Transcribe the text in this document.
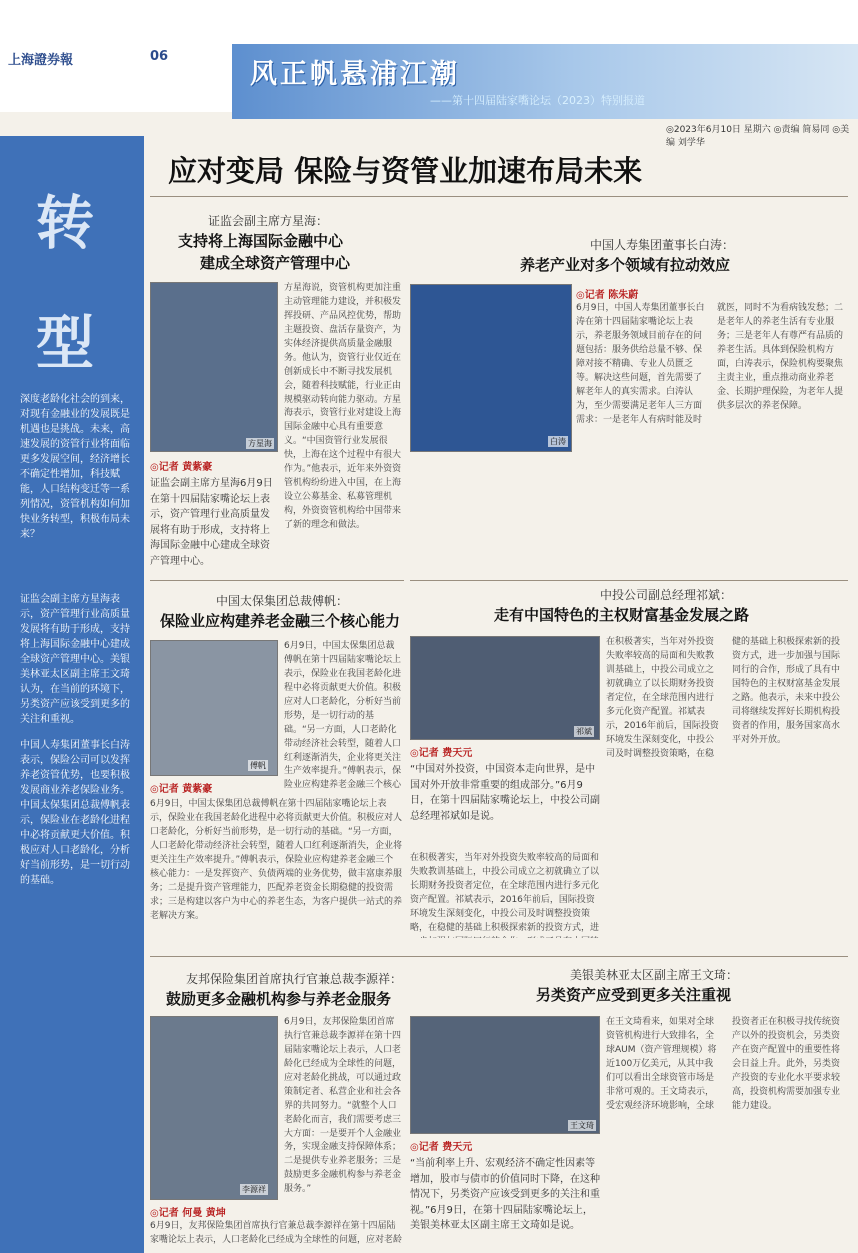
上海證券報	06
风正帆悬浦江潮
——第十四届陆家嘴论坛（2023）特别报道
◎2023年6月10日 星期六 ◎责编 简易同 ◎美编 刘学华
转
型
深度老龄化社会的到来，对现有金融业的发展既是机遇也是挑战。未来，高速发展的资管行业将面临更多发展空间，经济增长不确定性增加，科技赋能，人口结构变迁等一系列情况，资管机构如何加快业务转型，积极布局未来？
证监会副主席方星海表示，资产管理行业高质量发展将有助于形成，支持将上海国际金融中心建成全球资产管理中心。美银美林亚太区副主席王文琦认为，在当前的环境下，另类资产应该受到更多的关注和重视。
中国人寿集团董事长白涛表示，保险公司可以发挥养老资管优势，也要积极发展商业养老保险业务。中国太保集团总裁傅帆表示，保险业在老龄化进程中必将贡献更大价值。积极应对人口老龄化，分析好当前形势，是一切行动的基础。
应对变局 保险与资管业加速布局未来
证监会副主席方星海：
支持将上海国际金融中心
建成全球资产管理中心
方星海
◎记者 黄紫豪
证监会副主席方星海6月9日在第十四届陆家嘴论坛上表示，资产管理行业高质量发展将有助于形成，支持将上海国际金融中心建成全球资产管理中心。
方星海说，资管机构更加注重主动管理能力建设，并积极发挥投研、产品风控优势，帮助主题投资、盘活存量资产，为实体经济提供高质量金融服务。他认为，资管行业仅近在创新成长中不断寻找发展机会，随着科技赋能，行业正由规模驱动转向能力驱动。方星海表示，资管行业对建设上海国际金融中心具有重要意义。“中国资管行业发展很快，上海在这个过程中有很大作为。”他表示，近年来外资资管机构纷纷进入中国，在上海设立公募基金、私募管理机构，外资资管机构给中国带来了新的理念和做法。
中国人寿集团董事长白涛：
养老产业对多个领域有拉动效应
白涛
◎记者 陈朱蔚
6月9日，中国人寿集团董事长白涛在第十四届陆家嘴论坛上表示，养老服务领域目前存在的问题包括：服务供给总量不够、保障对接不精确、专业人员匮乏等。解决这些问题，首先需要了解老年人的真实需求。白涛认为，至少需要满足老年人三方面需求：一是老年人有病时能及时就医，同时不为看病钱发愁；二是老年人的养老生活有专业服务；三是老年人有尊严有品质的养老生活。具体到保险机构方面，白涛表示，保险机构要聚焦主责主业，重点推动商业养老金、长期护理保险，为老年人提供多层次的养老保障。
中投公司副总经理祁斌：
走有中国特色的主权财富基金发展之路
祁斌
◎记者 费天元
“中国对外投资，中国资本走向世界，是中国对外开放非常重要的组成部分。”6月9日，在第十四届陆家嘴论坛上，中投公司副总经理祁斌如是说。
在积极著实，当年对外投资失败率较高的局面和失败教训基础上，中投公司成立之初就确立了以长期财务投资者定位，在全球范围内进行多元化资产配置。祁斌表示，2016年前后，国际投资环境发生深刻变化，中投公司及时调整投资策略，在稳健的基础上积极探索新的投资方式，进
在积极著实，当年对外投资失败率较高的局面和失败教训基础上，中投公司成立之初就确立了以长期财务投资者定位，在全球范围内进行多元化资产配置。祁斌表示，2016年前后，国际投资环境发生深刻变化，中投公司及时调整投资策略，在稳健的基础上积极探索新的投资方式，进一步加强与国际同行的合作，形成了具有中国特色的主权财富基金发展之路。他表示，未来中投公司将继续发挥好长期机构投资者的作用，服务国家高水平对外开放。
中国太保集团总裁傅帆：
保险业应构建养老金融三个核心能力
傅帆
◎记者 黄紫豪
6月9日，中国太保集团总裁傅帆在第十四届陆家嘴论坛上表示，保险业在我国老龄化进程中必将贡献更大价值。积极应对人口老龄化，分析好当前形势，是一切行动的基础。“另一方面，人口老龄化带动经济社会转型，随着人口红利逐渐消失，企业将更关注生产效率提升。”傅帆表示，保险业应构建养老金融三个核心能力：一是发挥资产、负债两端的业务优势，做丰富康养服务；二是提升资产管理能力，匹配养老资金长期稳健的投资需求；三是构建以客户为中心的养老生态，为客户提供一站式的养老解决方案。
6月9日，中国太保集团总裁傅帆在第十四届陆家嘴论坛上表示，保险业在我国老龄化进程中必将贡献更大价值。积极应对人口老龄化，分析好当前形势，是一切行动的基础。“另一方面，人口老龄化带动经济社会转型，随着人口红利逐渐消失，企业将更关注生产效率提升。”傅帆表示，保险业应构建养老金融三个核心
友邦保险集团首席执行官兼总裁李源祥：
鼓励更多金融机构参与养老金服务
李源祥
◎记者 何曼 黄坤
6月9日，友邦保险集团首席执行官兼总裁李源祥在第十四届陆家嘴论坛上表示，人口老龄化已经成为全球性的问题，应对老龄
6月9日，友邦保险集团首席执行官兼总裁李源祥在第十四届陆家嘴论坛上表示，人口老龄化已经成为全球性的问题，应对老龄化挑战，可以通过政策制定者、私营企业和社会各界的共同努力。“就整个人口老龄化而言，我们需要考虑三大方面：一是要开个人金融业务，实现金融支持保障体系；二是提供专业养老服务；三是鼓励更多金融机构参与养老金服务。”
美银美林亚太区副主席王文琦：
另类资产应受到更多关注重视
王文琦
◎记者 费天元
“当前利率上升、宏观经济不确定性因素等增加，股市与债市的价值同时下降，在这种情况下，另类资产应该受到更多的关注和重视。”6月9日，在第十四届陆家嘴论坛上，美银美林亚太区副主席王文琦如是说。
在王文琦看来，如果对全球资管机构进行大致排名，全球AUM（资产管理规模）将近100万亿美元，从其中我们可以看出全球资管市场是非常可观的。王文琦表示，受宏观经济环境影响，全球投资者正在积极寻找传统资产以外的投资机会，另类资产在资产配置中的重要性将会日益上升。此外，另类资产投资的专业化水平要求较高，投资机构需要加强专业能力建设。
